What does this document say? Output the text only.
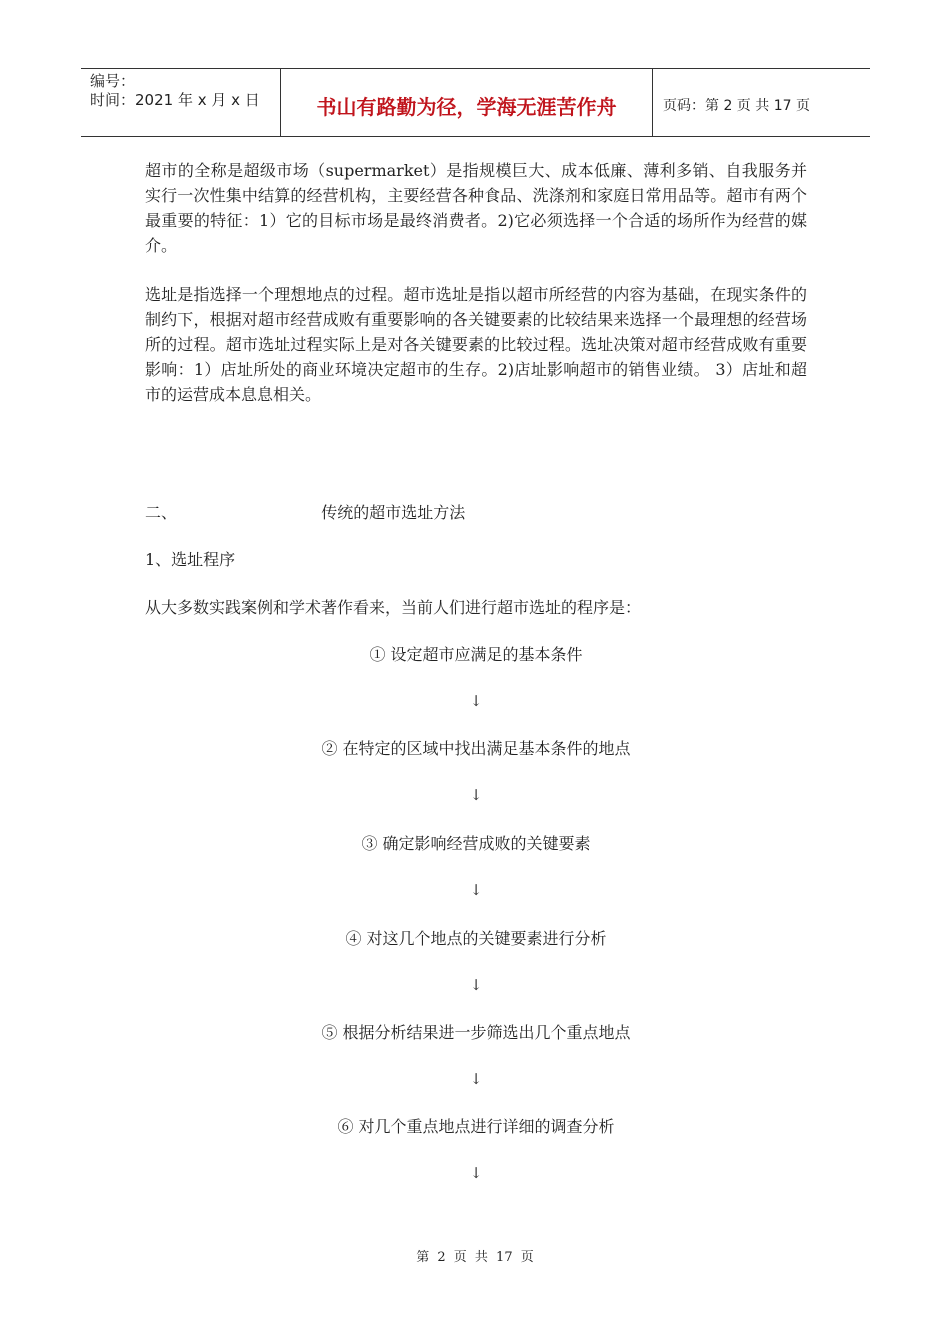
编号：
时间：2021 年 x 月 x 日	书山有路勤为径，学海无涯苦作舟	页码：第 2 页 共 17 页

超市的全称是超级市场（supermarket）是指规模巨大、成本低廉、薄利多销、自我服务并实行一次性集中结算的经营机构，主要经营各种食品、洗涤剂和家庭日常用品等。超市有两个最重要的特征：1）它的目标市场是最终消费者。2)它必须选择一个合适的场所作为经营的媒介。

选址是指选择一个理想地点的过程。超市选址是指以超市所经营的内容为基础，在现实条件的制约下，根据对超市经营成败有重要影响的各关键要素的比较结果来选择一个最理想的经营场所的过程。超市选址过程实际上是对各关键要素的比较过程。选址决策对超市经营成败有重要影响：1）店址所处的商业环境决定超市的生存。2)店址影响超市的销售业绩。 3）店址和超市的运营成本息息相关。

二、	传统的超市选址方法
1、选址程序
从大多数实践案例和学术著作看来，当前人们进行超市选址的程序是：
① 设定超市应满足的基本条件
↓
② 在特定的区域中找出满足基本条件的地点
↓
③ 确定影响经营成败的关键要素
↓
④ 对这几个地点的关键要素进行分析
↓
⑤ 根据分析结果进一步筛选出几个重点地点
↓
⑥ 对几个重点地点进行详细的调查分析
↓
第 2 页 共 17 页
